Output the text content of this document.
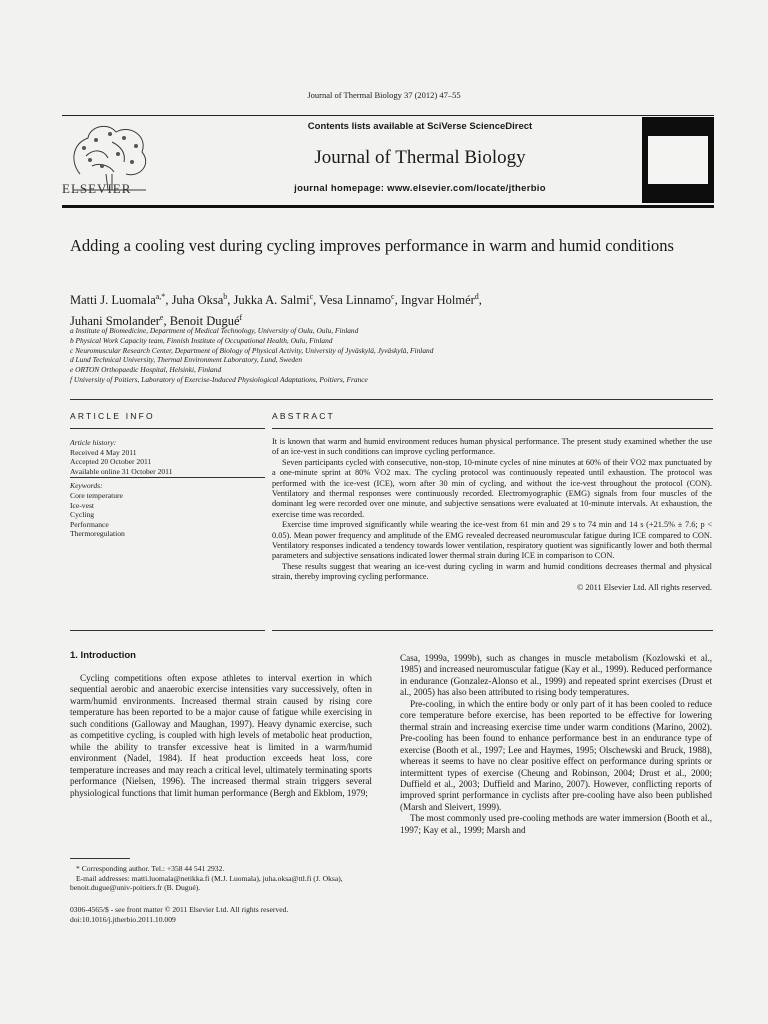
Journal of Thermal Biology 37 (2012) 47–55
ELSEVIER
Contents lists available at SciVerse ScienceDirect
Journal of Thermal Biology
journal homepage: www.elsevier.com/locate/jtherbio
Adding a cooling vest during cycling improves performance in warm and humid conditions
Matti J. Luomala$^{a,*}$, Juha Oksa$^b$, Jukka A. Salmi$^c$, Vesa Linnamo$^c$, Ingvar Holmér$^d$,
Juhani Smolander$^e$, Benoit Dugué$^f$
a Institute of Biomedicine, Department of Medical Technology, University of Oulu, Oulu, Finland
b Physical Work Capacity team, Finnish Institute of Occupational Health, Oulu, Finland
c Neuromuscular Research Center, Department of Biology of Physical Activity, University of Jyväskylä, Jyväskylä, Finland
d Lund Technical University, Thermal Environment Laboratory, Lund, Sweden
e ORTON Orthopaedic Hospital, Helsinki, Finland
f University of Poitiers, Laboratory of Exercise-Induced Physiological Adaptations, Poitiers, France
ARTICLE INFO	ABSTRACT
Article history:
Received 4 May 2011
Accepted 20 October 2011
Available online 31 October 2011
Keywords:
Core temperature
Ice-vest
Cycling
Performance
Thermoregulation

It is known that warm and humid environment reduces human physical performance. The present study examined whether the use of an ice-vest in such conditions can improve cycling performance.

Seven participants cycled with consecutive, non-stop, 10-minute cycles of nine minutes at 60% of their V̇O2 max punctuated by a one-minute sprint at 80% V̇O2 max. The cycling protocol was continuously repeated until exhaustion. The protocol was performed with the ice-vest (ICE), worn after 30 min of cycling, and without the ice-vest throughout the protocol (CON). Ventilatory and thermal responses were continuously recorded. Electromyographic (EMG) signals from four muscles of the dominant leg were recorded over one minute, and subjective sensations were evaluated at 10-minute intervals. At exhaustion, the exercise time was recorded.

Exercise time improved significantly while wearing the ice-vest from 61 min and 29 s to 74 min and 14 s (+21.5% ± 7.6; p < 0.05). Mean power frequency and amplitude of the EMG revealed decreased neuromuscular fatigue during ICE compared to CON. Ventilatory responses indicated a tendency towards lower ventilation, respiratory quotient was significantly lower and both thermal parameters and subjective sensations indicated lower thermal strain during ICE in comparison to CON.

These results suggest that wearing an ice-vest during cycling in warm and humid conditions decreases thermal and physical strain, thereby improving cycling performance.

© 2011 Elsevier Ltd. All rights reserved.
1. Introduction

Cycling competitions often expose athletes to interval exertion in which sequential aerobic and anaerobic exercise intensities vary successively, often in warm/humid environments. Increased thermal strain caused by rising core temperature has been reported to be a major cause of fatigue while exercising in such conditions (Galloway and Maughan, 1997). Heavy dynamic exercise, such as competitive cycling, is coupled with high levels of metabolic heat production, while the ability to transfer excessive heat is limited in a warm/humid environment (Nadel, 1984). If heat production exceeds heat loss, core temperature increases and may reach a critical level, ultimately terminating sports performance (Nielsen, 1996). The increased thermal strain triggers several physiological functions that limit human performance (Bergh and Ekblom, 1979;

Casa, 1999a, 1999b), such as changes in muscle metabolism (Kozlowski et al., 1985) and increased neuromuscular fatigue (Kay et al., 1999). Reduced performance in endurance (Gonzalez-Alonso et al., 1999) and repeated sprint exercises (Drust et al., 2005) has also been attributed to rising body temperatures.

Pre-cooling, in which the entire body or only part of it has been cooled to reduce core temperature before exercise, has been reported to be effective for lowering thermal strain and increasing exercise time under warm conditions (Marino, 2002). Pre-cooling has been found to enhance performance best in an endurance type of exercise (Booth et al., 1997; Lee and Haymes, 1995; Olschewski and Bruck, 1988), whereas it seems to have no clear positive effect on performance during sprints or intermittent types of exercise (Cheung and Robinson, 2004; Drust et al., 2000; Duffield et al., 2003; Duffield and Marino, 2007). However, conflicting reports of improved sprint performance in cyclists after pre-cooling have also been published (Marsh and Sleivert, 1999).

The most commonly used pre-cooling methods are water immersion (Booth et al., 1997; Kay et al., 1999; Marsh and

* Corresponding author. Tel.: +358 44 541 2932.
E-mail addresses: matti.luomala@netikka.fi (M.J. Luomala), juha.oksa@ttl.fi (J. Oksa), benoit.dugue@univ-poitiers.fr (B. Dugué).
0306-4565/$ - see front matter © 2011 Elsevier Ltd. All rights reserved.
doi:10.1016/j.jtherbio.2011.10.009
